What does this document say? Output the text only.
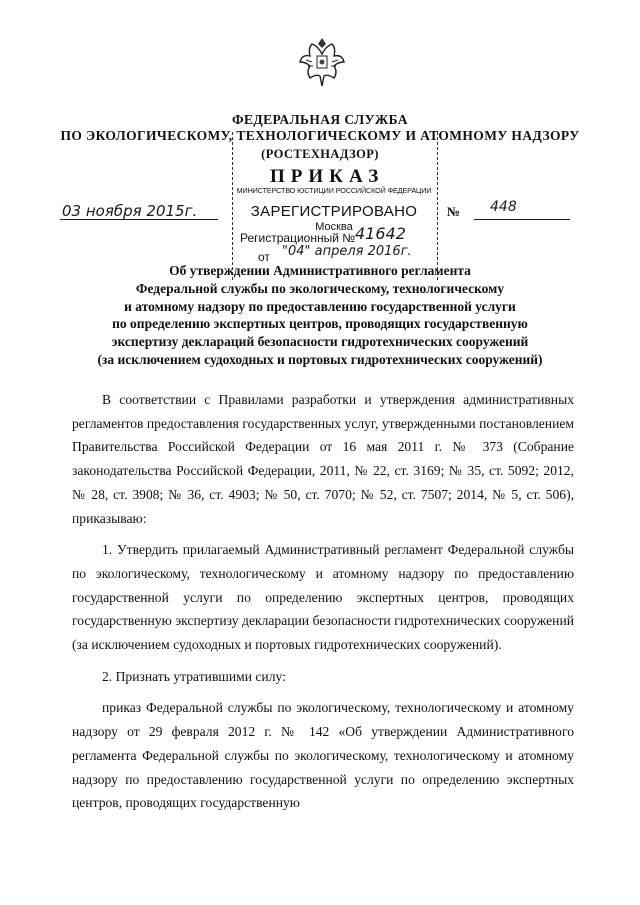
ФЕДЕРАЛЬНАЯ СЛУЖБА
ПО ЭКОЛОГИЧЕСКОМУ, ТЕХНОЛОГИЧЕСКОМУ И АТОМНОМУ НАДЗОРУ
(РОСТЕХНАДЗОР)
ПРИКАЗ
МИНИСТЕРСТВО ЮСТИЦИИ РОССИЙСКОЙ ФЕДЕРАЦИИ
ЗАРЕГИСТРИРОВАНО
Москва
Регистрационный № 41642
от "04" апреля 2016г.
03 ноября 2015г.	№ 448
Об утверждении Административного регламента
Федеральной службы по экологическому, технологическому
и атомному надзору по предоставлению государственной услуги
по определению экспертных центров, проводящих государственную
экспертизу деклараций безопасности гидротехнических сооружений
(за исключением судоходных и портовых гидротехнических сооружений)

В соответствии с Правилами разработки и утверждения административных регламентов предоставления государственных услуг, утвержденными постановлением Правительства Российской Федерации от 16 мая 2011 г. № 373 (Собрание законодательства Российской Федерации, 2011, № 22, ст. 3169; № 35, ст. 5092; 2012, № 28, ст. 3908; № 36, ст. 4903; № 50, ст. 7070; № 52, ст. 7507; 2014, № 5, ст. 506), приказываю:

1. Утвердить прилагаемый Административный регламент Федеральной службы по экологическому, технологическому и атомному надзору по предоставлению государственной услуги по определению экспертных центров, проводящих государственную экспертизу декларации безопасности гидротехнических сооружений (за исключением судоходных и портовых гидротехнических сооружений).

2. Признать утратившими силу:

приказ Федеральной службы по экологическому, технологическому и атомному надзору от 29 февраля 2012 г. № 142 «Об утверждении Административного регламента Федеральной службы по экологическому, технологическому и атомному надзору по предоставлению государственной услуги по определению экспертных центров, проводящих государственную
